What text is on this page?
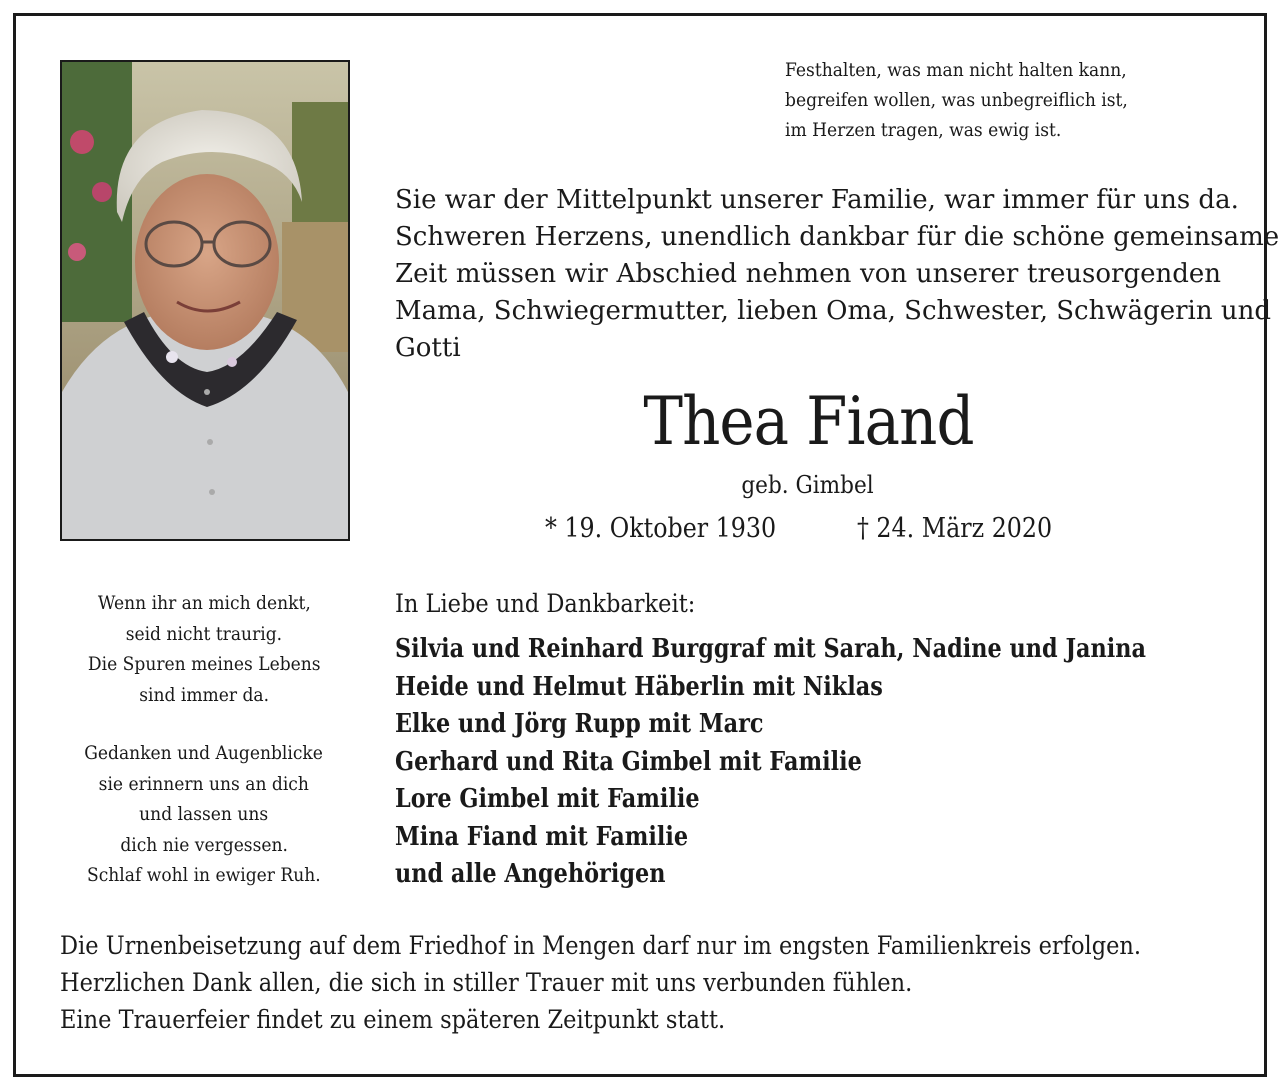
Festhalten, was man nicht halten kann,
begreifen wollen, was unbegreiflich ist,
im Herzen tragen, was ewig ist.
Sie war der Mittelpunkt unserer Familie, war immer für uns da.
Schweren Herzens, unendlich dankbar für die schöne gemeinsame
Zeit müssen wir Abschied nehmen von unserer treusorgenden
Mama, Schwiegermutter, lieben Oma, Schwester, Schwägerin und
Gotti
Thea Fiand
geb. Gimbel
* 19. Oktober 1930	† 24. März 2020
Wenn ihr an mich denkt,
seid nicht traurig.
Die Spuren meines Lebens
sind immer da.
Gedanken und Augenblicke
sie erinnern uns an dich
und lassen uns
dich nie vergessen.
Schlaf wohl in ewiger Ruh.
In Liebe und Dankbarkeit:
Silvia und Reinhard Burggraf mit Sarah, Nadine und Janina
Heide und Helmut Häberlin mit Niklas
Elke und Jörg Rupp mit Marc
Gerhard und Rita Gimbel mit Familie
Lore Gimbel mit Familie
Mina Fiand mit Familie
und alle Angehörigen
Die Urnenbeisetzung auf dem Friedhof in Mengen darf nur im engsten Familienkreis erfolgen.
Herzlichen Dank allen, die sich in stiller Trauer mit uns verbunden fühlen.
Eine Trauerfeier findet zu einem späteren Zeitpunkt statt.
